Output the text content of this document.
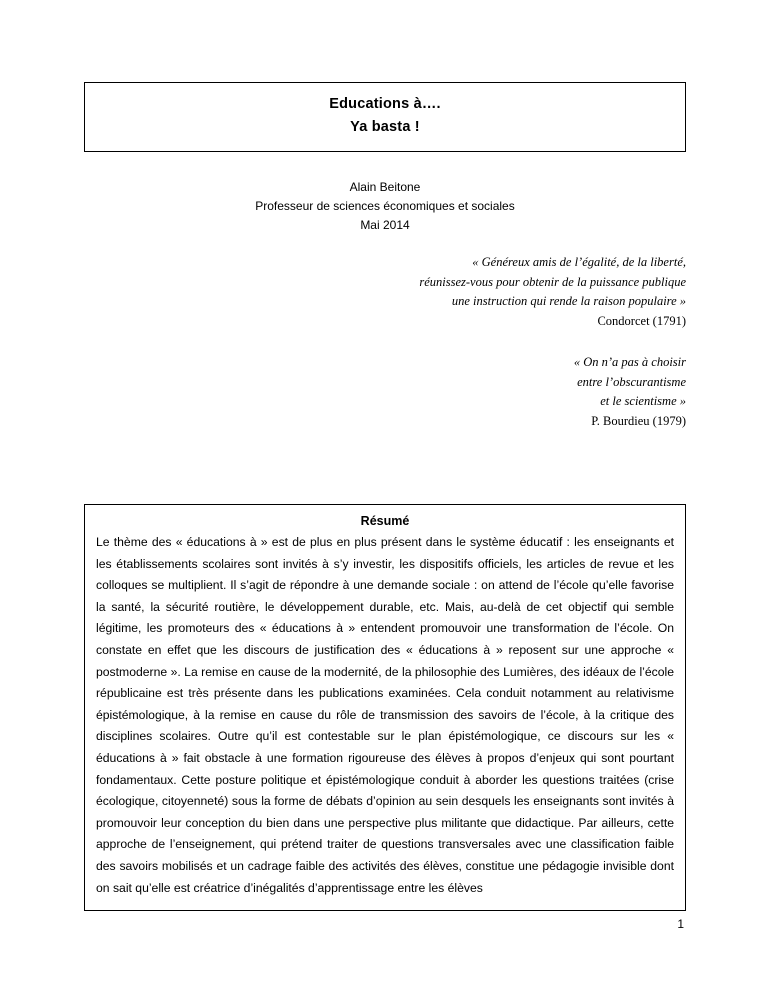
Educations à….
Ya basta !
Alain Beitone
Professeur de sciences économiques et sociales
Mai 2014
« Généreux amis de l’égalité, de la liberté,
réunissez-vous pour obtenir de la puissance publique
une instruction qui rende la raison populaire »
Condorcet (1791)
« On n’a pas à choisir
entre l’obscurantisme
et le scientisme »
P. Bourdieu (1979)
Résumé
Le thème des « éducations à » est de plus en plus présent dans le système éducatif : les enseignants et les établissements scolaires sont invités à s’y investir, les dispositifs officiels, les articles de revue et les colloques se multiplient. Il s’agit de répondre à une demande sociale : on attend de l’école qu’elle favorise la santé, la sécurité routière, le développement durable, etc. Mais, au-delà de cet objectif qui semble légitime, les promoteurs des « éducations à » entendent promouvoir une transformation de l’école. On constate en effet que les discours de justification des « éducations à » reposent sur une approche « postmoderne ». La remise en cause de la modernité, de la philosophie des Lumières, des idéaux de l’école républicaine est très présente dans les publications examinées. Cela conduit notamment au relativisme épistémologique, à la remise en cause du rôle de transmission des savoirs de l’école, à la critique des disciplines scolaires. Outre qu’il est contestable sur le plan épistémologique, ce discours sur les « éducations à » fait obstacle à une formation rigoureuse des élèves à propos d’enjeux qui sont pourtant fondamentaux. Cette posture politique et épistémologique conduit à aborder les questions traitées (crise écologique, citoyenneté) sous la forme de débats d’opinion au sein desquels les enseignants sont invités à promouvoir leur conception du bien dans une perspective plus militante que didactique. Par ailleurs, cette approche de l’enseignement, qui prétend traiter de questions transversales avec une classification faible des savoirs mobilisés et un cadrage faible des activités des élèves, constitue une pédagogie invisible dont on sait qu’elle est créatrice d’inégalités d’apprentissage entre les élèves
1
